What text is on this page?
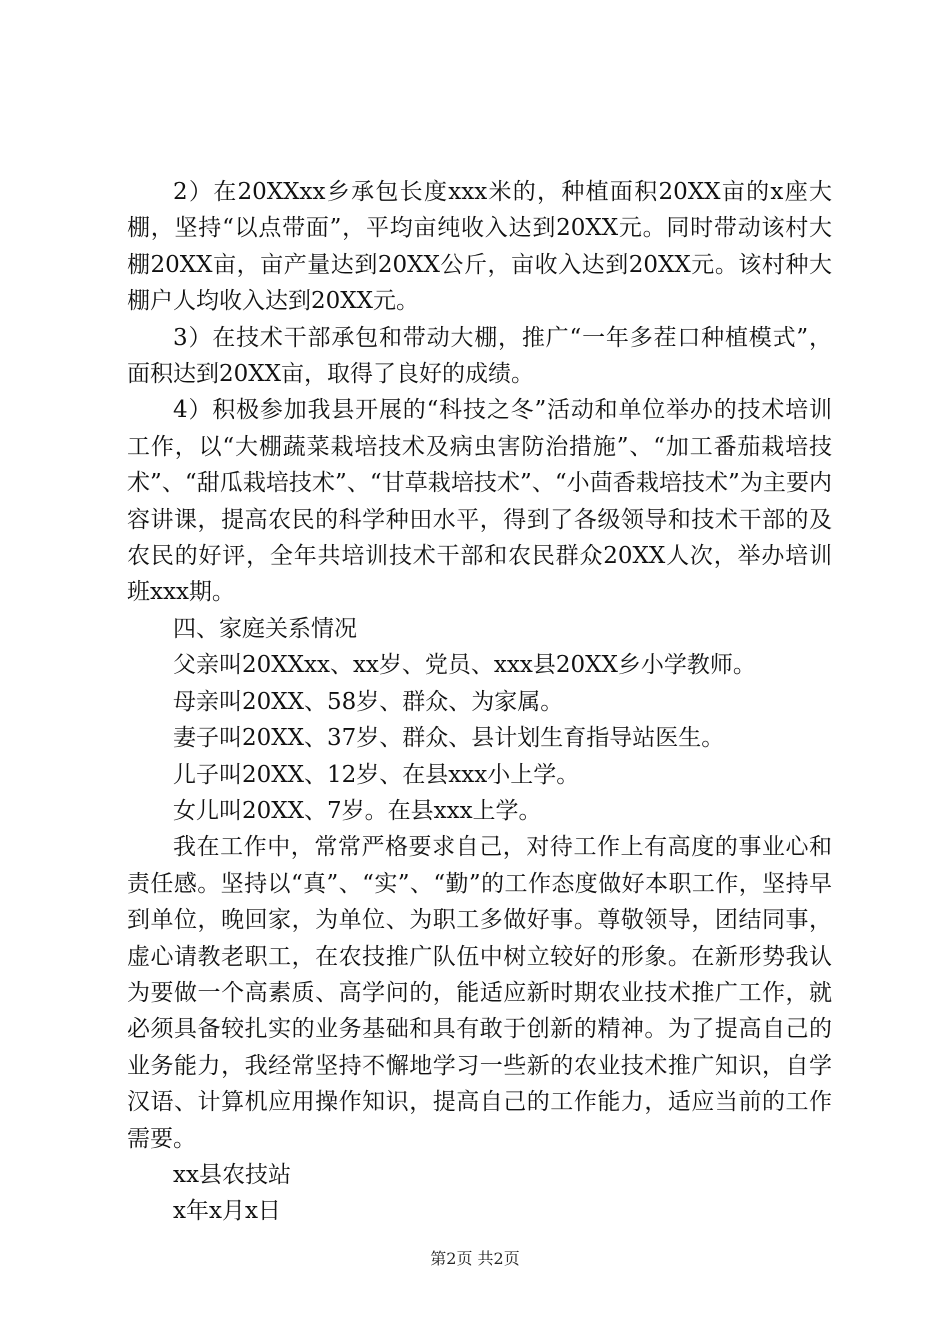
2）在20XXxx乡承包长度xxx米的，种植面积20XX亩的x座大棚，坚持“以点带面”，平均亩纯收入达到20XX元。同时带动该村大棚20XX亩，亩产量达到20XX公斤，亩收入达到20XX元。该村种大棚户人均收入达到20XX元。

3）在技术干部承包和带动大棚，推广“一年多茬口种植模式”，面积达到20XX亩，取得了良好的成绩。

4）积极参加我县开展的“科技之冬”活动和单位举办的技术培训工作，以“大棚蔬菜栽培技术及病虫害防治措施”、“加工番茄栽培技术”、“甜瓜栽培技术”、“甘草栽培技术”、“小茴香栽培技术”为主要内容讲课，提高农民的科学种田水平，得到了各级领导和技术干部的及农民的好评，全年共培训技术干部和农民群众20XX人次，举办培训班xxx期。

四、家庭关系情况

父亲叫20XXxx、xx岁、党员、xxx县20XX乡小学教师。

母亲叫20XX、58岁、群众、为家属。

妻子叫20XX、37岁、群众、县计划生育指导站医生。

儿子叫20XX、12岁、在县xxx小上学。

女儿叫20XX、7岁。在县xxx上学。

我在工作中，常常严格要求自己，对待工作上有高度的事业心和责任感。坚持以“真”、“实”、“勤”的工作态度做好本职工作，坚持早到单位，晚回家，为单位、为职工多做好事。尊敬领导，团结同事，虚心请教老职工，在农技推广队伍中树立较好的形象。在新形势我认为要做一个高素质、高学问的，能适应新时期农业技术推广工作，就必须具备较扎实的业务基础和具有敢于创新的精神。为了提高自己的业务能力，我经常坚持不懈地学习一些新的农业技术推广知识，自学汉语、计算机应用操作知识，提高自己的工作能力，适应当前的工作需要。

xx县农技站

x年x月x日

第2页 共2页
